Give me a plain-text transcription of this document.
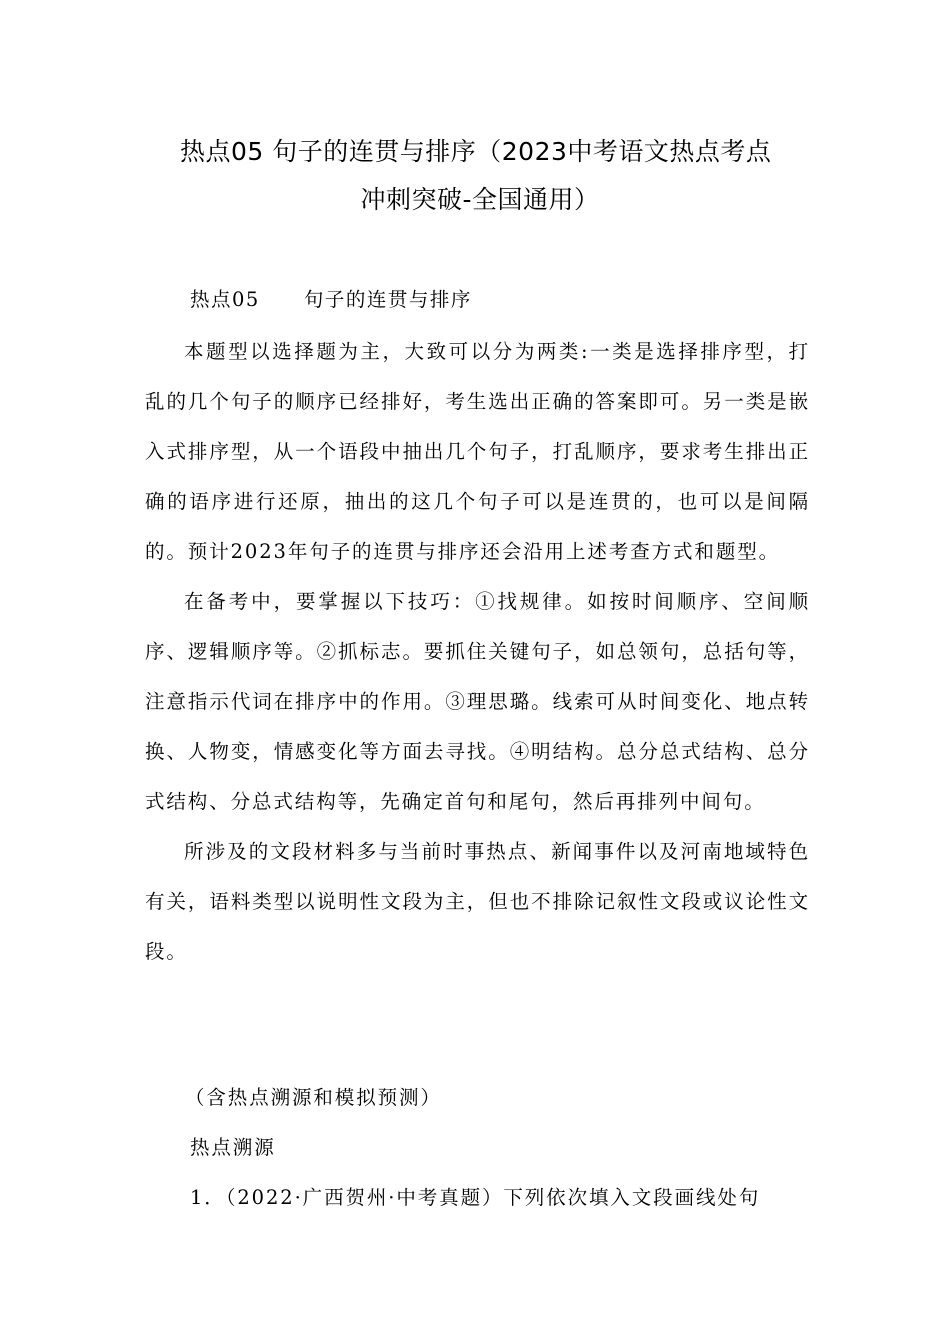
热点05 句子的连贯与排序（2023中考语文热点考点
冲刺突破-全国通用）
热点05 句子的连贯与排序

本题型以选择题为主，大致可以分为两类:一类是选择排序型，打乱的几个句子的顺序已经排好，考生选出正确的答案即可。另一类是嵌入式排序型，从一个语段中抽出几个句子，打乱顺序，要求考生排出正确的语序进行还原，抽出的这几个句子可以是连贯的，也可以是间隔的。预计2023年句子的连贯与排序还会沿用上述考查方式和题型。

在备考中，要掌握以下技巧：①找规律。如按时间顺序、空间顺序、逻辑顺序等。②抓标志。要抓住关键句子，如总领句，总括句等，注意指示代词在排序中的作用。③理思璐。线索可从时间变化、地点转换、人物变，情感变化等方面去寻找。④明结构。总分总式结构、总分式结构、分总式结构等，先确定首句和尾句，然后再排列中间句。

所涉及的文段材料多与当前时事热点、新闻事件以及河南地域特色有关，语料类型以说明性文段为主，但也不排除记叙性文段或议论性文段。

（含热点溯源和模拟预测）
热点溯源
1．（2022·广西贺州·中考真题）下列依次填入文段画线处句
